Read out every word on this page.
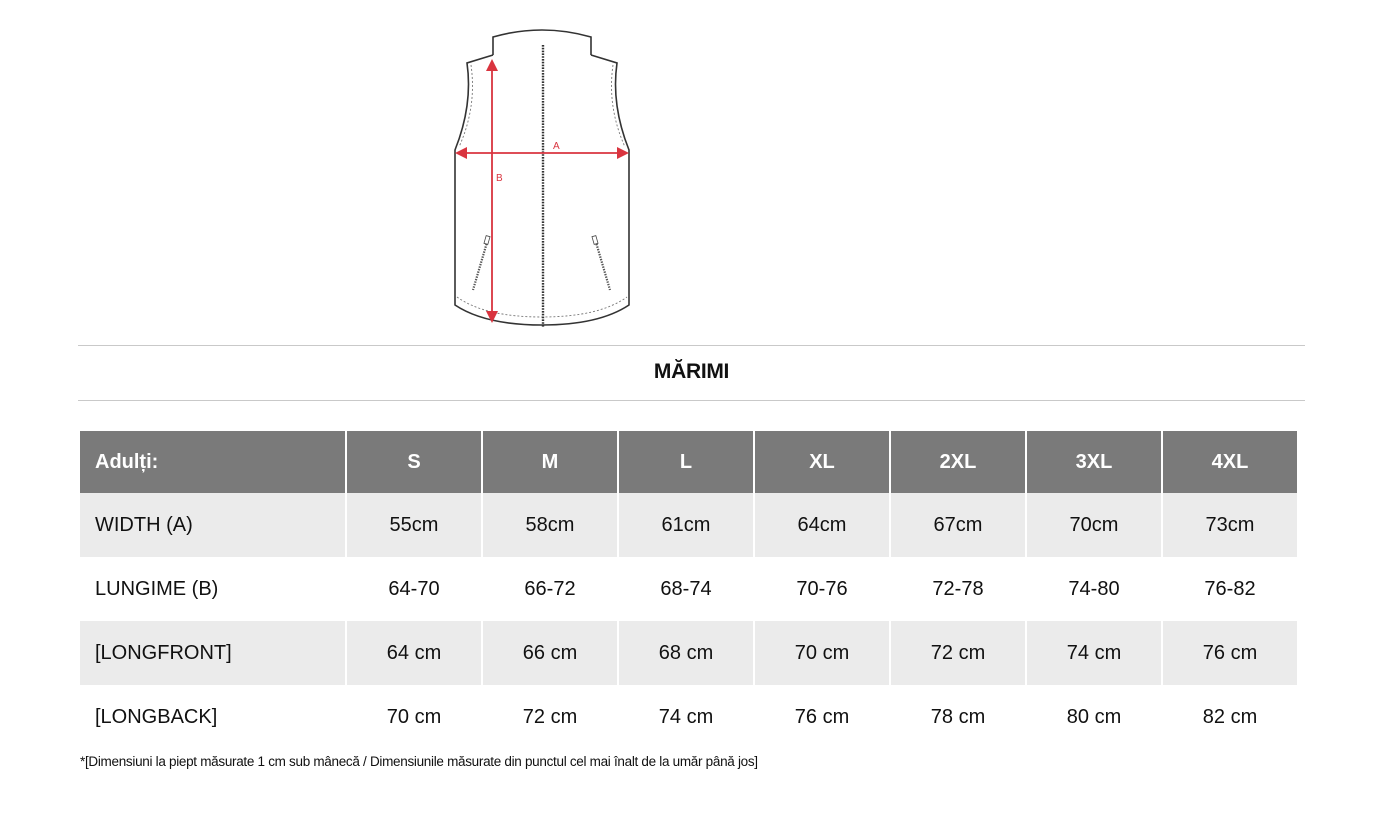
A
B
MĂRIMI
Adulți:	S	M	L	XL	2XL	3XL	4XL
WIDTH (A)	55cm	58cm	61cm	64cm	67cm	70cm	73cm
LUNGIME (B)	64-70	66-72	68-74	70-76	72-78	74-80	76-82
[LONGFRONT]	64 cm	66 cm	68 cm	70 cm	72 cm	74 cm	76 cm
[LONGBACK]	70 cm	72 cm	74 cm	76 cm	78 cm	80 cm	82 cm
*[Dimensiuni la piept măsurate 1 cm sub mânecă / Dimensiunile măsurate din punctul cel mai înalt de la umăr până jos]
